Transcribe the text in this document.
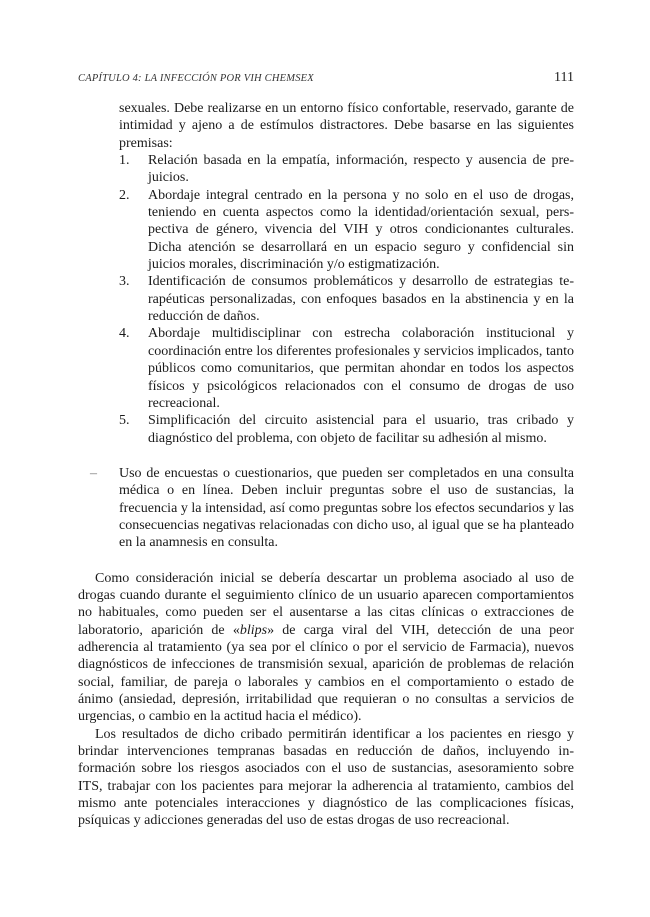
CAPÍTULO 4: LA INFECCIÓN POR VIH CHEMSEX	111

sexuales. Debe realizarse en un entorno físico confortable, reservado, garante de intimidad y ajeno a de estímulos distractores. Debe basarse en las siguientes premisas:

1.	Relación basada en la empatía, información, respecto y ausencia de prejuicios.
2.	Abordaje integral centrado en la persona y no solo en el uso de drogas, teniendo en cuenta aspectos como la identidad/orientación sexual, perspectiva de género, vivencia del VIH y otros condicionantes culturales. Dicha atención se desarrollará en un espacio seguro y confidencial sin juicios morales, discriminación y/o estigmatización.
3.	Identificación de consumos problemáticos y desarrollo de estrategias terapéuticas personalizadas, con enfoques basados en la abstinencia y en la reducción de daños.
4.	Abordaje multidisciplinar con estrecha colaboración institucional y coordinación entre los diferentes profesionales y servicios implicados, tanto públicos como comunitarios, que permitan ahondar en todos los aspectos físicos y psicológicos relacionados con el consumo de drogas de uso recreacional.
5.	Simplificación del circuito asistencial para el usuario, tras cribado y diagnóstico del problema, con objeto de facilitar su adhesión al mismo.
–	Uso de encuestas o cuestionarios, que pueden ser completados en una consulta médica o en línea. Deben incluir preguntas sobre el uso de sustancias, la frecuencia y la intensidad, así como preguntas sobre los efectos secundarios y las consecuencias negativas relacionadas con dicho uso, al igual que se ha planteado en la anamnesis en consulta.

Como consideración inicial se debería descartar un problema asociado al uso de drogas cuando durante el seguimiento clínico de un usuario aparecen comportamientos no habituales, como pueden ser el ausentarse a las citas clínicas o extracciones de laboratorio, aparición de «blips» de carga viral del VIH, detección de una peor adherencia al tratamiento (ya sea por el clínico o por el servicio de Farmacia), nuevos diagnósticos de infecciones de transmisión sexual, aparición de problemas de relación social, familiar, de pareja o laborales y cambios en el comportamiento o estado de ánimo (ansiedad, depresión, irritabilidad que requieran o no consultas a servicios de urgencias, o cambio en la actitud hacia el médico).

Los resultados de dicho cribado permitirán identificar a los pacientes en riesgo y brindar intervenciones tempranas basadas en reducción de daños, incluyendo información sobre los riesgos asociados con el uso de sustancias, asesoramiento sobre ITS, trabajar con los pacientes para mejorar la adherencia al tratamiento, cambios del mismo ante potenciales interacciones y diagnóstico de las complicaciones físicas, psíquicas y adicciones generadas del uso de estas drogas de uso recreacional.
